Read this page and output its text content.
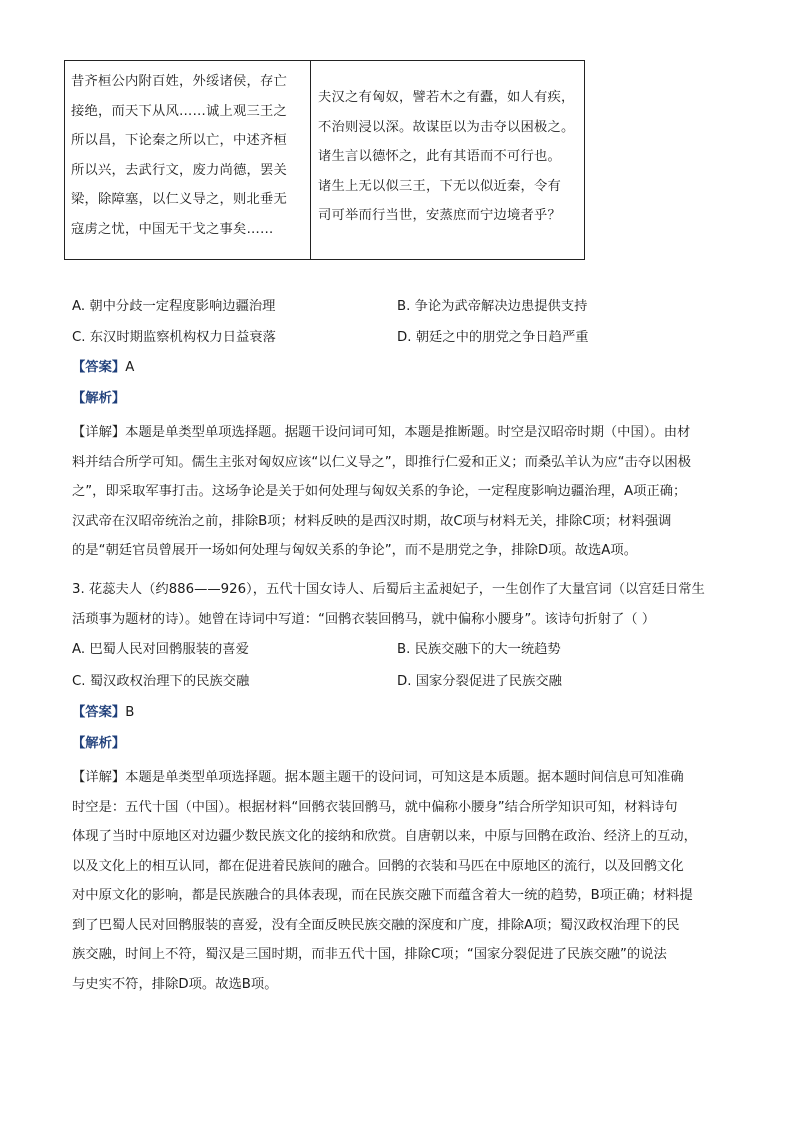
昔齐桓公内附百姓，外绥诸侯，存亡
接绝，而天下从风……诚上观三王之
所以昌，下论秦之所以亡，中述齐桓
所以兴，去武行文，废力尚德，罢关
梁，除障塞，以仁义导之，则北垂无
寇虏之忧，中国无干戈之事矣……

夫汉之有匈奴，譬若木之有蠹，如人有疾，
不治则浸以深。故谋臣以为击夺以困极之。
诸生言以德怀之，此有其语而不可行也。
诸生上无以似三王，下无以似近秦，令有
司可举而行当世，安蒸庶而宁边境者乎？
A. 朝中分歧一定程度影响边疆治理	B. 争论为武帝解决边患提供支持
C. 东汉时期监察机构权力日益衰落	D. 朝廷之中的朋党之争日趋严重
【答案】A
【解析】

【详解】本题是单类型单项选择题。据题干设问词可知，本题是推断题。时空是汉昭帝时期（中国）。由材

料并结合所学可知。儒生主张对匈奴应该“以仁义导之”，即推行仁爱和正义；而桑弘羊认为应“击夺以困极

之”，即采取军事打击。这场争论是关于如何处理与匈奴关系的争论，一定程度影响边疆治理，A项正确；

汉武帝在汉昭帝统治之前，排除B项；材料反映的是西汉时期，故C项与材料无关，排除C项；材料强调

的是“朝廷官员曾展开一场如何处理与匈奴关系的争论”，而不是朋党之争，排除D项。故选A项。

3. 花蕊夫人（约886——926），五代十国女诗人、后蜀后主孟昶妃子，一生创作了大量宫词（以宫廷日常生

活琐事为题材的诗）。她曾在诗词中写道：“回鹘衣装回鹘马，就中偏称小腰身”。该诗句折射了（ ）

A. 巴蜀人民对回鹘服装的喜爱	B. 民族交融下的大一统趋势
C. 蜀汉政权治理下的民族交融	D. 国家分裂促进了民族交融
【答案】B
【解析】

【详解】本题是单类型单项选择题。据本题主题干的设问词，可知这是本质题。据本题时间信息可知准确

时空是：五代十国（中国）。根据材料“回鹘衣装回鹘马，就中偏称小腰身”结合所学知识可知，材料诗句

体现了当时中原地区对边疆少数民族文化的接纳和欣赏。自唐朝以来，中原与回鹘在政治、经济上的互动，

以及文化上的相互认同，都在促进着民族间的融合。回鹘的衣装和马匹在中原地区的流行，以及回鹘文化

对中原文化的影响，都是民族融合的具体表现，而在民族交融下而蕴含着大一统的趋势，B项正确；材料提

到了巴蜀人民对回鹘服装的喜爱，没有全面反映民族交融的深度和广度，排除A项；蜀汉政权治理下的民

族交融，时间上不符，蜀汉是三国时期，而非五代十国，排除C项；“国家分裂促进了民族交融”的说法

与史实不符，排除D项。故选B项。
